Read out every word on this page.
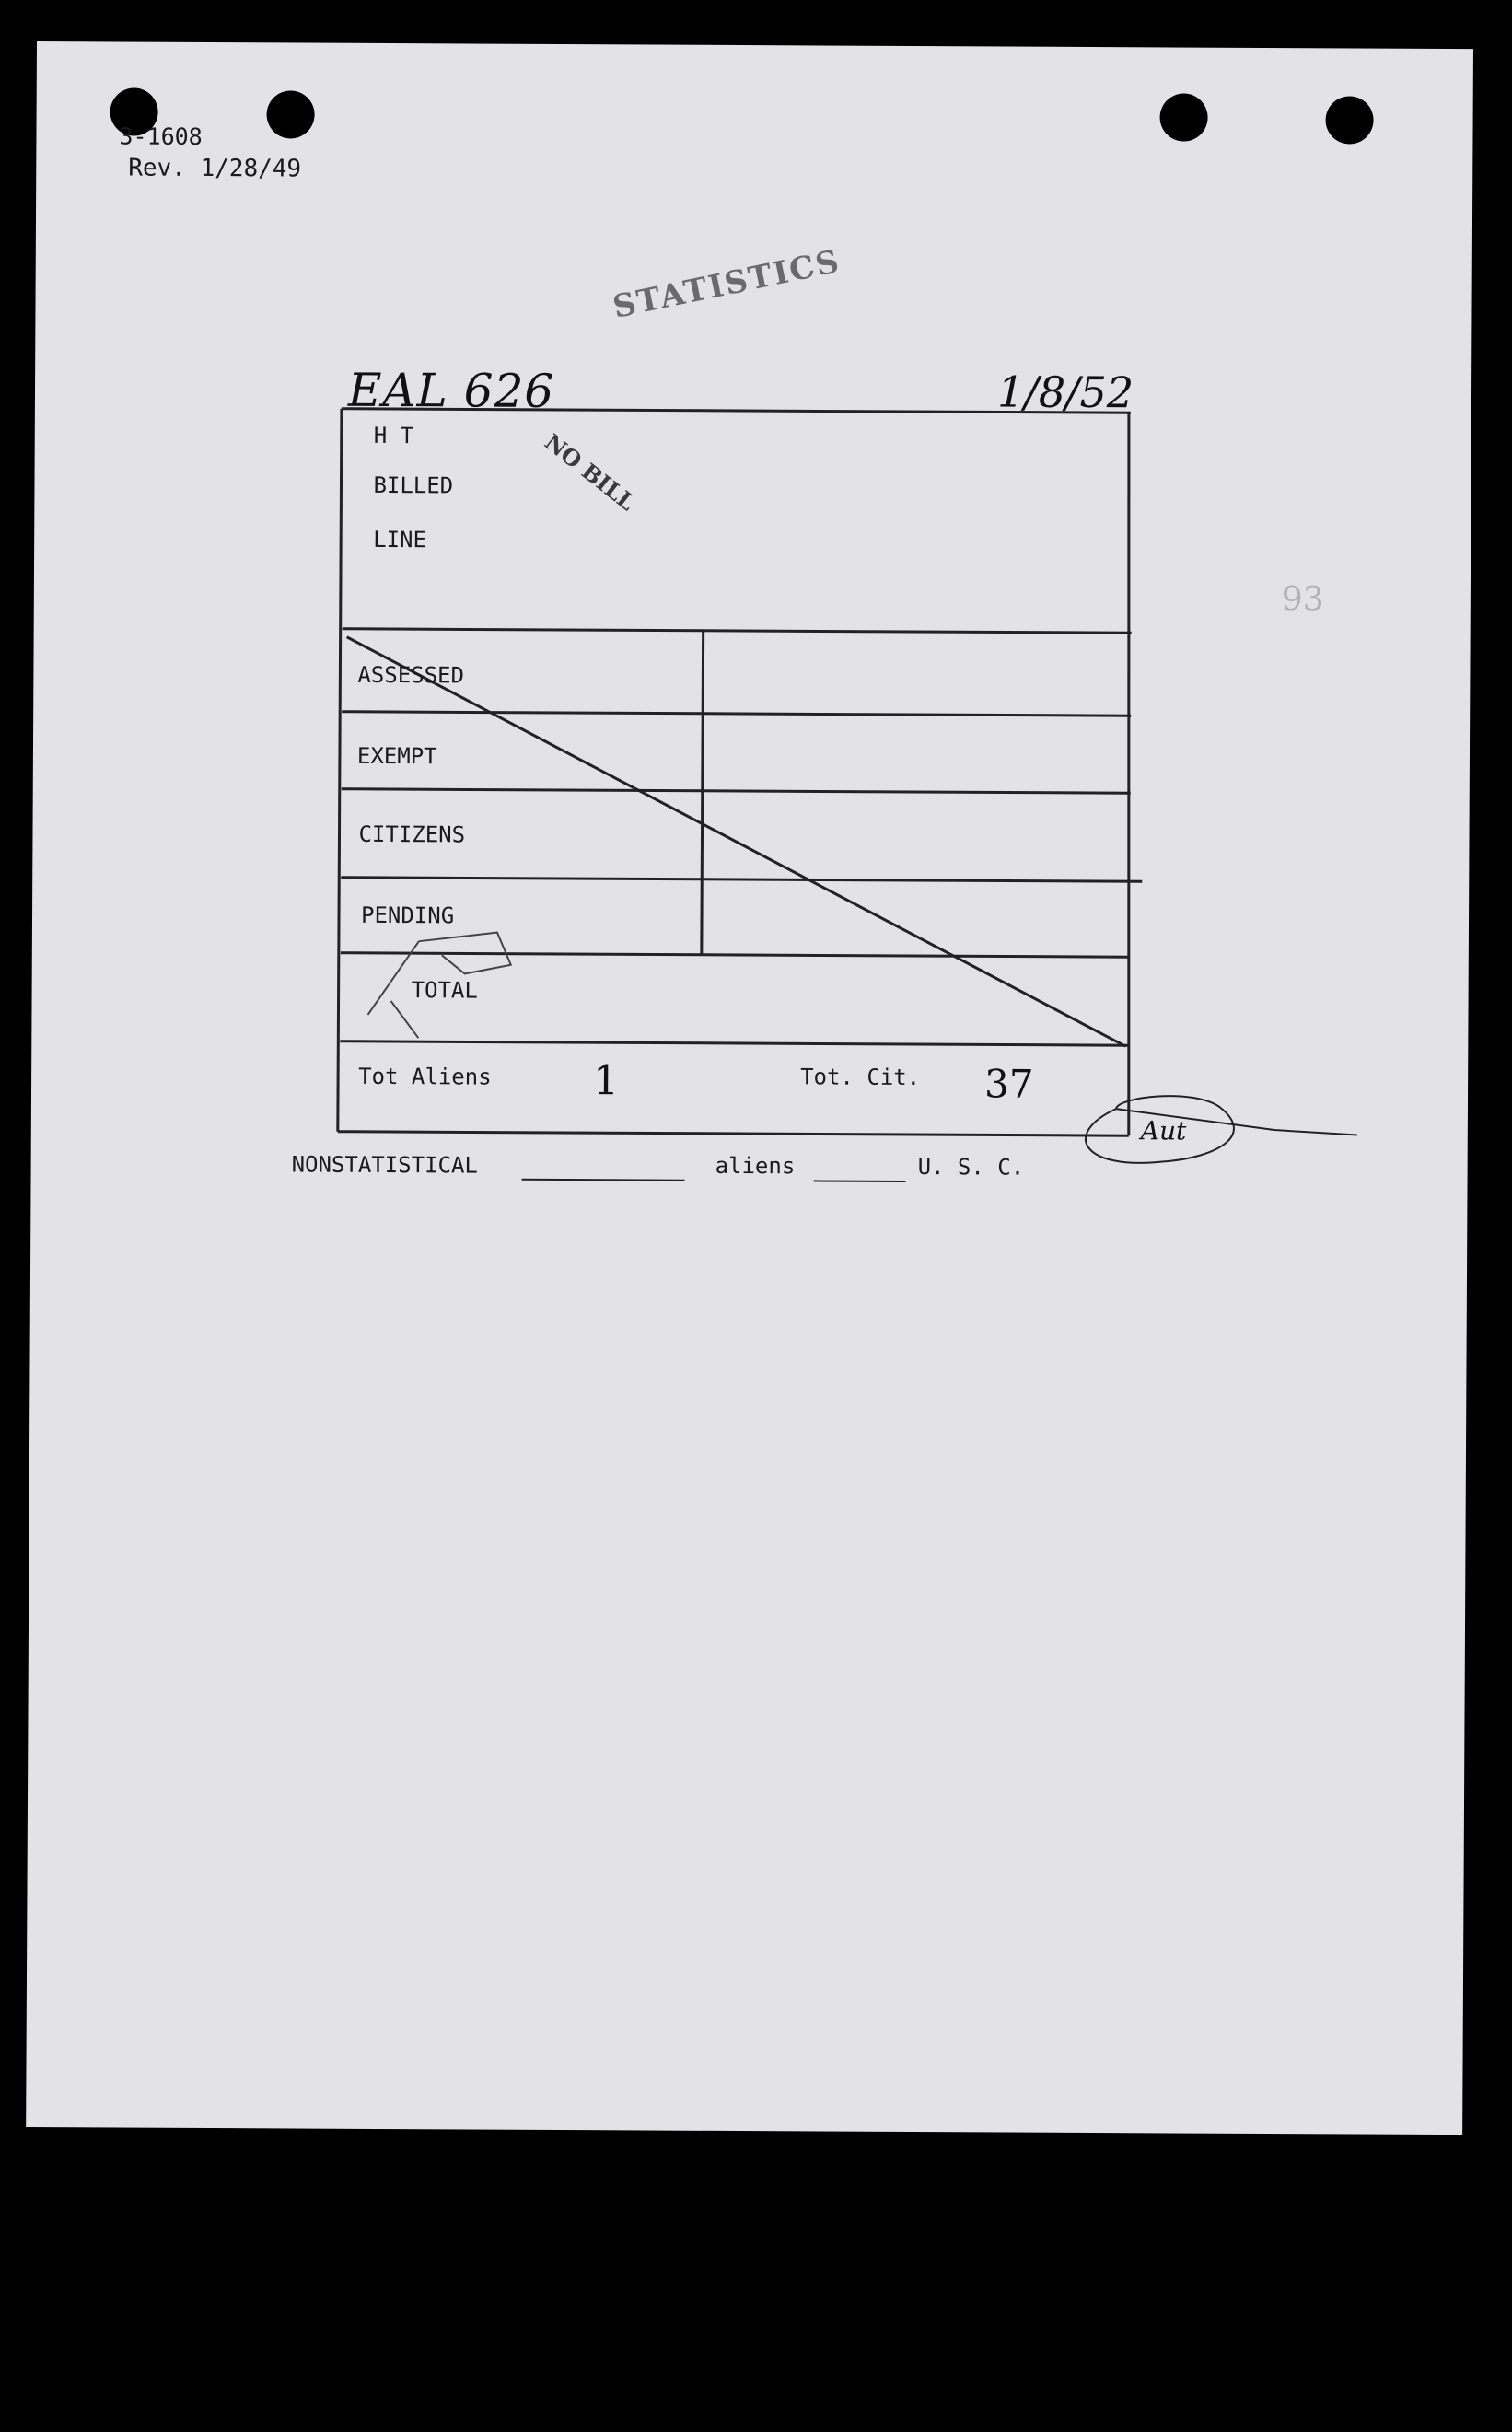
3-1608
Rev. 1/28/49
STATISTICS
EAL 626	1/8/52
93
H T
BILLED
LINE
NO BILL
ASSESSED
EXEMPT
CITIZENS
PENDING
TOTAL
Tot Aliens	1	Tot. Cit. 37
Aut
NONSTATISTICAL	aliens	U. S. C.
